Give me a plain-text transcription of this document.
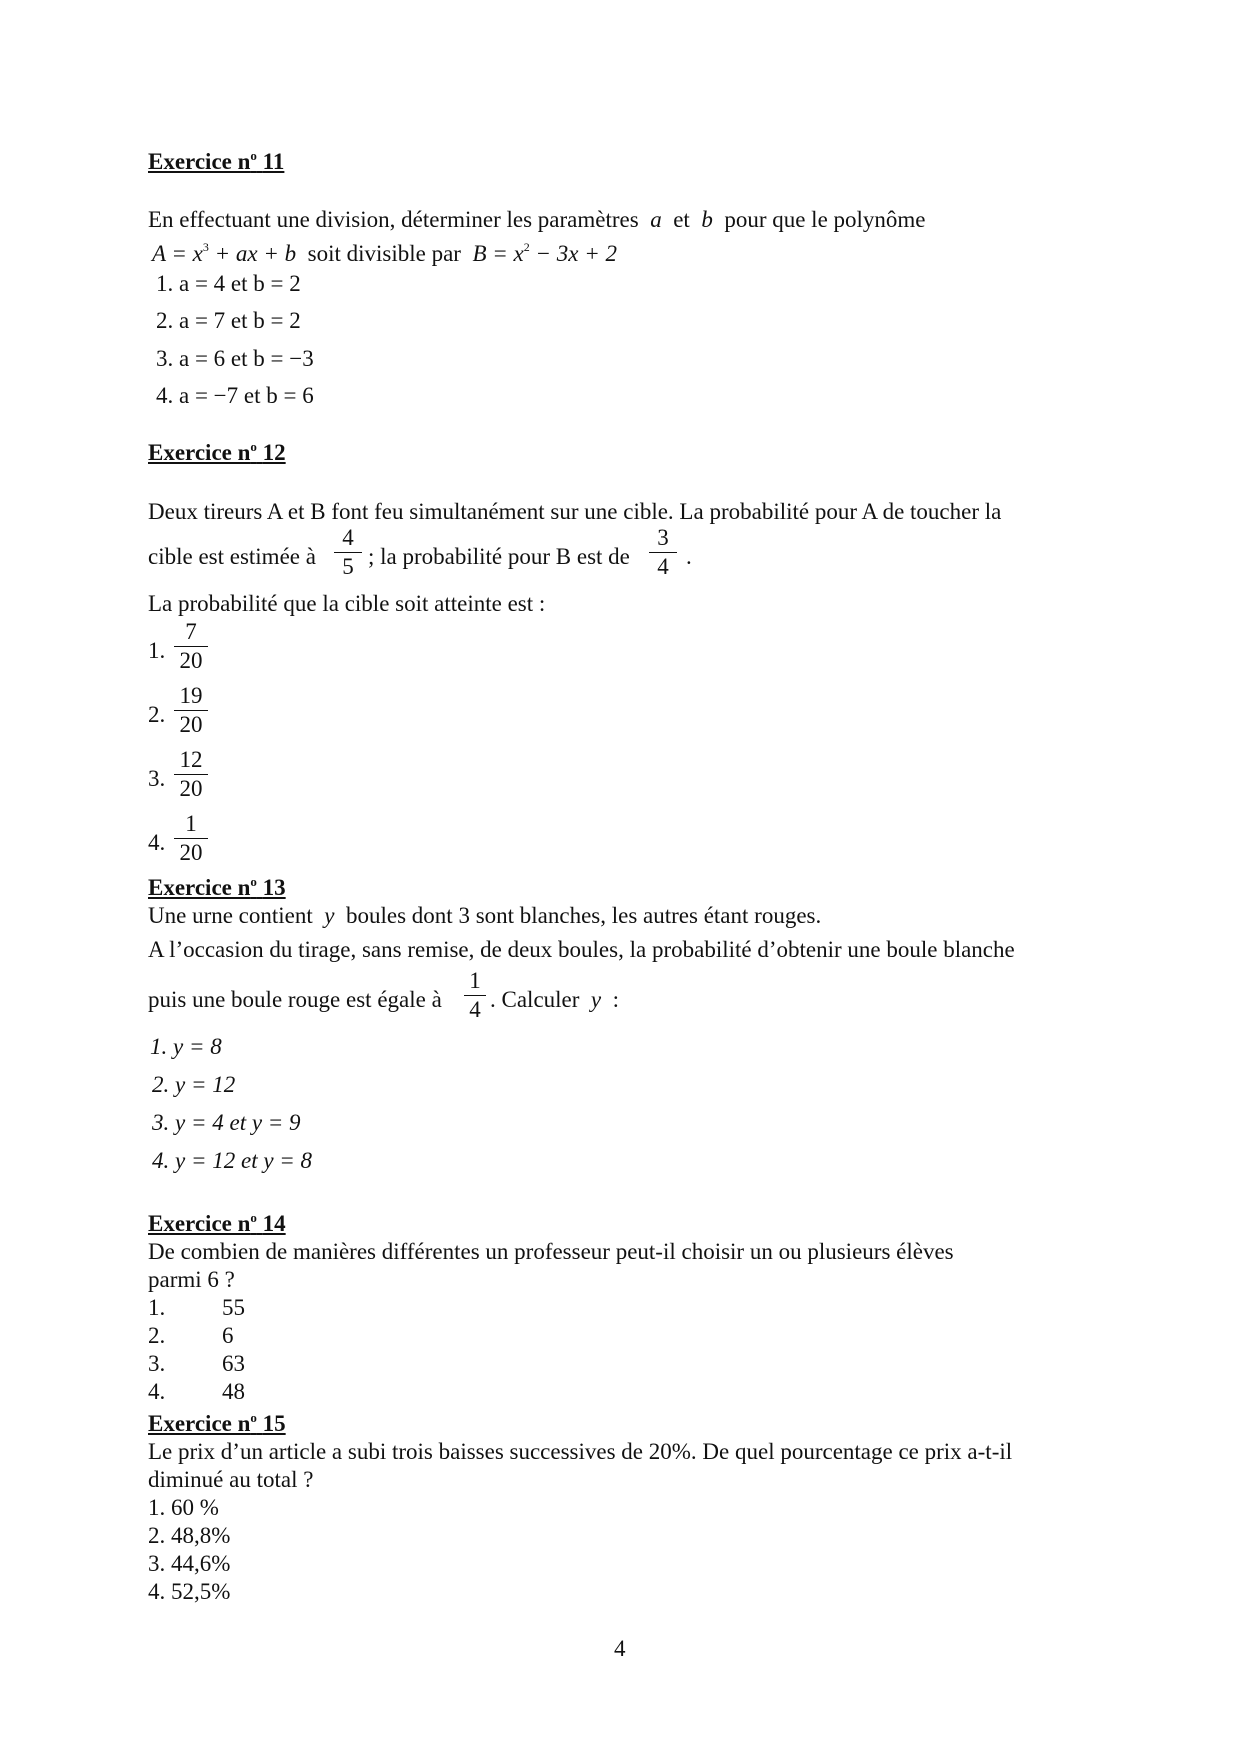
Exercice $n^o$ 11
En effectuant une division, déterminer les paramètres a et b pour que le polynôme
$A = x^3$ + ax + b soit divisible par $B = x^2 - 3x + 2$
1. a = 4 et b = 2
2. a = 7 et b = 2
3. a = 6 et b = −3
4. a = −7 et b = 6
Exercice $n^o$ 12
Deux tireurs A et B font feu simultanément sur une cible. La probabilité pour A de toucher la
cible est estimée à
4
5 ; la probabilité pour B est de
3
4 .
La probabilité que la cible soit atteinte est :
1.
7
20
2.
19
20
3.
12
20
4.
1
20
Exercice $n^o$ 13
Une urne contient y boules dont 3 sont blanches, les autres étant rouges.
A l’occasion du tirage, sans remise, de deux boules, la probabilité d’obtenir une boule blanche
puis une boule rouge est égale à
1
4 . Calculer y :
1. y = 8
2. y = 12
3. y = 4 et y = 9
4. y = 12 et y = 8
Exercice $n^o$ 14
De combien de manières différentes un professeur peut-il choisir un ou plusieurs élèves
parmi 6 ?
1. 55
2. 6
3. 63
4. 48
Exercice $n^o$ 15
Le prix d’un article a subi trois baisses successives de 20%. De quel pourcentage ce prix a-t-il
diminué au total ?
1. 60 %
2. 48,8%
3. 44,6%
4. 52,5%
4
